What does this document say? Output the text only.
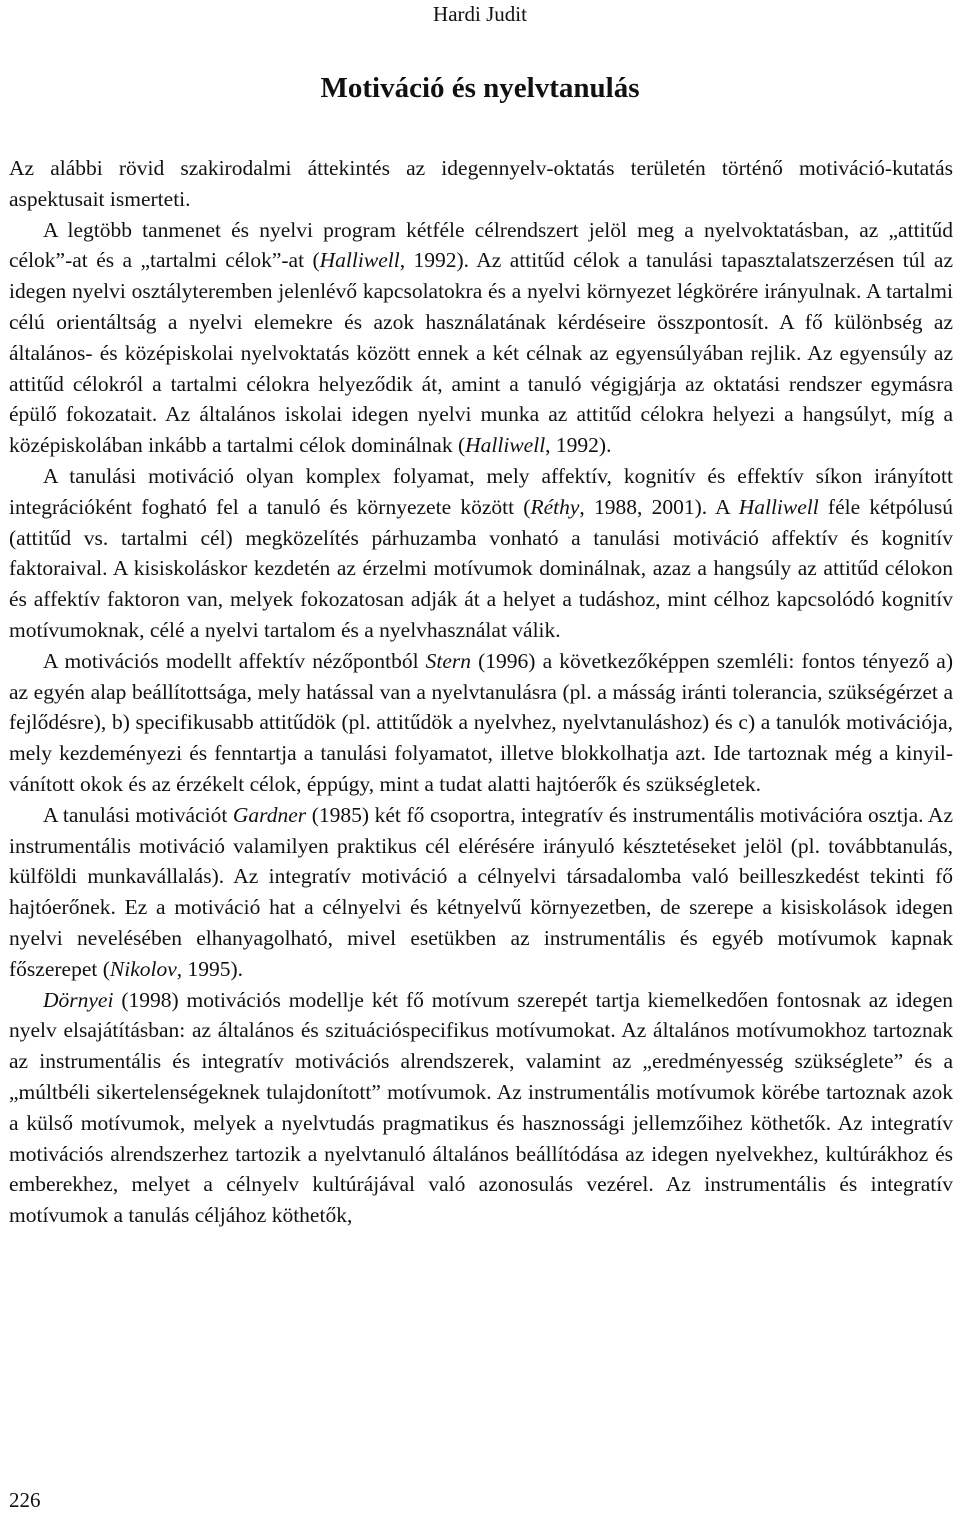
Hardi Judit
Motiváció és nyelvtanulás

Az alábbi rövid szakirodalmi áttekintés az idegennyelv-oktatás területén történő motiváció-kutatás aspektusait ismerteti.

A legtöbb tanmenet és nyelvi program kétféle célrendszert jelöl meg a nyelvoktatásban, az „attitűd célok”-at és a „tartalmi célok”-at (Halliwell, 1992). Az attitűd célok a tanulási tapasztalatszerzésen túl az idegen nyelvi osztályteremben jelenlévő kapcsolatokra és a nyelvi környezet légkörére irányulnak. A tartalmi célú orientáltság a nyelvi elemekre és azok használatának kérdéseire összpontosít. A fő különbség az általános- és középiskolai nyelvoktatás között ennek a két célnak az egyensúlyában rejlik. Az egyensúly az attitűd célokról a tartalmi célokra helyeződik át, amint a tanuló végigjárja az oktatási rendszer egymásra épülő fokozatait. Az általános iskolai idegen nyelvi munka az attitűd célokra helyezi a hangsúlyt, míg a középiskolában inkább a tartalmi célok dominálnak (Halliwell, 1992).

A tanulási motiváció olyan komplex folyamat, mely affektív, kognitív és effektív síkon irányított integrációként fogható fel a tanuló és környezete között (Réthy, 1988, 2001). A Halliwell féle kétpólusú (attitűd vs. tartalmi cél) megközelítés párhuzamba vonható a tanulási motiváció affektív és kognitív faktoraival. A kisiskoláskor kezdetén az érzelmi motívumok dominálnak, azaz a hangsúly az attitűd célokon és affektív faktoron van, melyek fokozatosan adják át a helyet a tudáshoz, mint célhoz kapcsolódó kognitív motívumoknak, célé a nyelvi tartalom és a nyelvhasználat válik.

A motivációs modellt affektív nézőpontból Stern (1996) a következőképpen szemléli: fontos tényező a) az egyén alap beállítottsága, mely hatással van a nyelvtanulásra (pl. a másság iránti tolerancia, szükségérzet a fejlődésre), b) specifikusabb attitűdök (pl. attitűdök a nyelvhez, nyelvtanuláshoz) és c) a tanulók motivációja, mely kezdeményezi és fenntartja a tanulási folyamatot, illetve blokkolhatja azt. Ide tartoznak még a kinyilvánított okok és az érzékelt célok, éppúgy, mint a tudat alatti hajtóerők és szükségletek.

A tanulási motivációt Gardner (1985) két fő csoportra, integratív és instrumentális motivációra osztja. Az instrumentális motiváció valamilyen praktikus cél elérésére irányuló késztetéseket jelöl (pl. továbbtanulás, külföldi munkavállalás). Az integratív motiváció a célnyelvi társadalomba való beilleszkedést tekinti fő hajtóerőnek. Ez a motiváció hat a célnyelvi és kétnyelvű környezetben, de szerepe a kisiskolások idegen nyelvi nevelésében elhanyagolható, mivel esetükben az instrumentális és egyéb motívumok kapnak főszerepet (Nikolov, 1995).

Dörnyei (1998) motivációs modellje két fő motívum szerepét tartja kiemelkedően fontosnak az idegen nyelv elsajátításban: az általános és szituációspecifikus motívumokat. Az általános motívumokhoz tartoznak az instrumentális és integratív motivációs alrendszerek, valamint az „eredményesség szükséglete” és a „múltbéli sikertelenségeknek tulajdonított” motívumok. Az instrumentális motívumok körébe tartoznak azok a külső motívumok, melyek a nyelvtudás pragmatikus és hasznossági jellemzőihez köthetők. Az integratív motivációs alrendszerhez tartozik a nyelvtanuló általános beállítódása az idegen nyelvekhez, kultúrákhoz és emberekhez, melyet a célnyelv kultúrájával való azonosulás vezérel. Az instrumentális és integratív motívumok a tanulás céljához köthetők,

226
